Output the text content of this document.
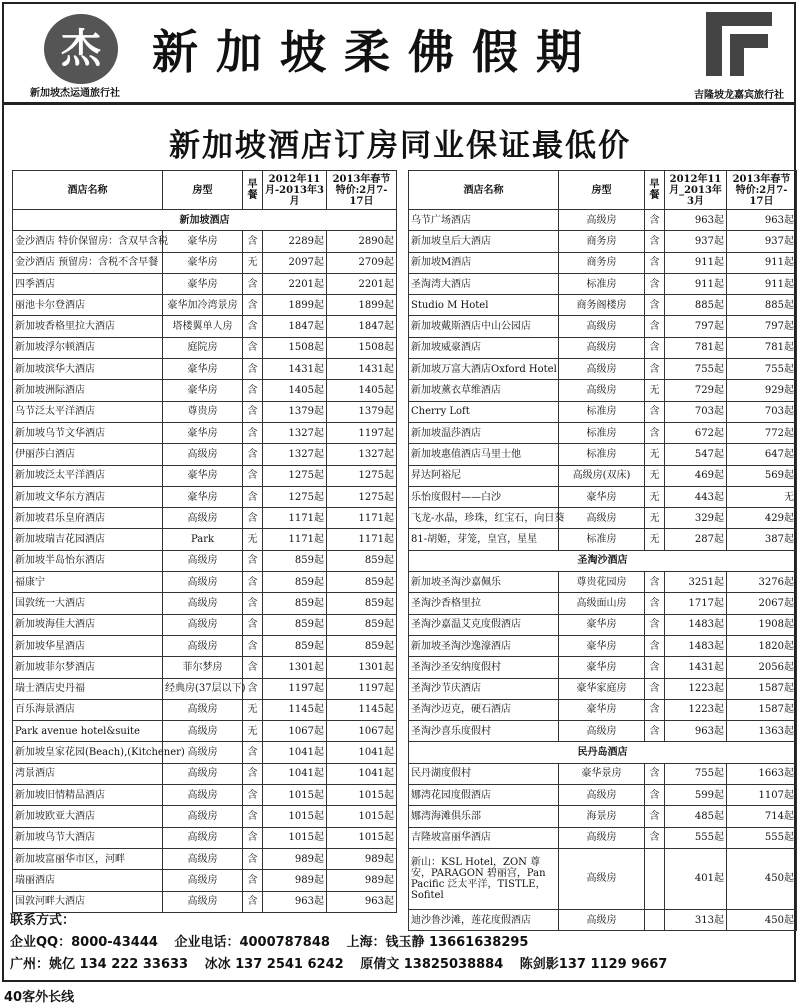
杰
新加坡杰运通旅行社
新加坡柔佛假期
吉隆坡龙嘉宾旅行社
新加坡酒店订房同业保证最低价
酒店名称	房型	早餐	2012年11月-2013年3月	2013年春节特价:2月7-17日
新加坡酒店				
金沙酒店 特价保留房：含双早含税	豪华房	含	2289起	2890起
金沙酒店 预留房：含税不含早餐	豪华房	无	2097起	2709起
四季酒店	豪华房	含	2201起	2201起
丽池卡尔登酒店	豪华加冷湾景房	含	1899起	1899起
新加坡香格里拉大酒店	塔楼翼单人房	含	1847起	1847起
新加坡浮尔顿酒店	庭院房	含	1508起	1508起
新加坡滨华大酒店	豪华房	含	1431起	1431起
新加坡洲际酒店	豪华房	含	1405起	1405起
乌节泛太平洋酒店	尊贵房	含	1379起	1379起
新加坡乌节文华酒店	豪华房	含	1327起	1197起
伊丽莎白酒店	高级房	含	1327起	1327起
新加坡泛太平洋酒店	豪华房	含	1275起	1275起
新加坡文华东方酒店	豪华房	含	1275起	1275起
新加坡君乐皇府酒店	高级房	含	1171起	1171起
新加坡瑞吉花园酒店	Park	无	1171起	1171起
新加坡半岛怡东酒店	高级房	含	859起	859起
福康宁	高级房	含	859起	859起
国敦统一大酒店	高级房	含	859起	859起
新加坡海佳大酒店	高级房	含	859起	859起
新加坡华星酒店	高级房	含	859起	859起
新加坡菲尔梦酒店	菲尔梦房	含	1301起	1301起
瑞士酒店史丹福	经典房(37层以下)	含	1197起	1197起
百乐海景酒店	高级房	无	1145起	1145起
Park avenue hotel&suite	高级房	无	1067起	1067起
新加坡皇家花园(Beach),(Kitchener)	高级房	含	1041起	1041起
湾景酒店	高级房	含	1041起	1041起
新加坡旧情精品酒店	高级房	含	1015起	1015起
新加坡欧亚大酒店	高级房	含	1015起	1015起
新加坡乌节大酒店	高级房	含	1015起	1015起
新加坡富丽华市区，河畔	高级房	含	989起	989起
瑞丽酒店	高级房	含	989起	989起
国敦河畔大酒店	高级房	含	963起	963起
酒店名称	房型	早餐	2012年11月_2013年3月	2013年春节特价:2月7-17日
乌节广场酒店	高级房	含	963起	963起
新加坡皇后大酒店	商务房	含	937起	937起
新加坡M酒店	商务房	含	911起	911起
圣淘湾大酒店	标准房	含	911起	911起
Studio M Hotel	商务阁楼房	含	885起	885起
新加坡戴斯酒店中山公园店	高级房	含	797起	797起
新加坡威豪酒店	高级房	含	781起	781起
新加坡万富大酒店Oxford Hotel	高级房	含	755起	755起
新加坡薰衣草维酒店	高级房	无	729起	929起
Cherry Loft	标准房	含	703起	703起
新加坡温莎酒店	标准房	含	672起	772起
新加坡惠值酒店马里士他	标准房	无	547起	647起
昇达阿裕尼	高级房(双床)	无	469起	569起
乐怡度假村——白沙	豪华房	无	443起	无
飞龙-水晶，珍珠，红宝石，向日葵	高级房	无	329起	429起
81-胡姬，芽笼，皇宫，星星	标准房	无	287起	387起
圣淘沙酒店				
新加坡圣淘沙嘉佩乐	尊贵花园房	含	3251起	3276起
圣淘沙香格里拉	高级面山房	含	1717起	2067起
圣淘沙嘉温艾克度假酒店	豪华房	含	1483起	1908起
新加坡圣淘沙逸濠酒店	豪华房	含	1483起	1820起
圣淘沙圣安纳度假村	豪华房	含	1431起	2056起
圣淘沙节庆酒店	豪华家庭房	含	1223起	1587起
圣淘沙迈克，硬石酒店	豪华房	含	1223起	1587起
圣淘沙喜乐度假村	高级房	含	963起	1363起
民丹岛酒店				
民丹湖度假村	豪华景房	含	755起	1663起
娜湾花园度假酒店	高级房	含	599起	1107起
娜湾海滩俱乐部	海景房	含	485起	714起
吉隆坡富丽华酒店	高级房	含	555起	555起
新山：KSL Hotel，ZON 尊安，PARAGON 碧丽宫，Pan Pacific 泛太平洋，TISTLE，Sofitel	高级房		401起	450起
迪沙鲁沙滩，莲花度假酒店	高级房		313起	450起
联系方式：
企业QQ：8000-43444 企业电话：4000787848 上海：钱玉静 13661638295
广州：姚亿 134 222 33633 冰冰 137 2541 6242 原倩文 13825038884 陈剑影137 1129 9667
40客外长线
